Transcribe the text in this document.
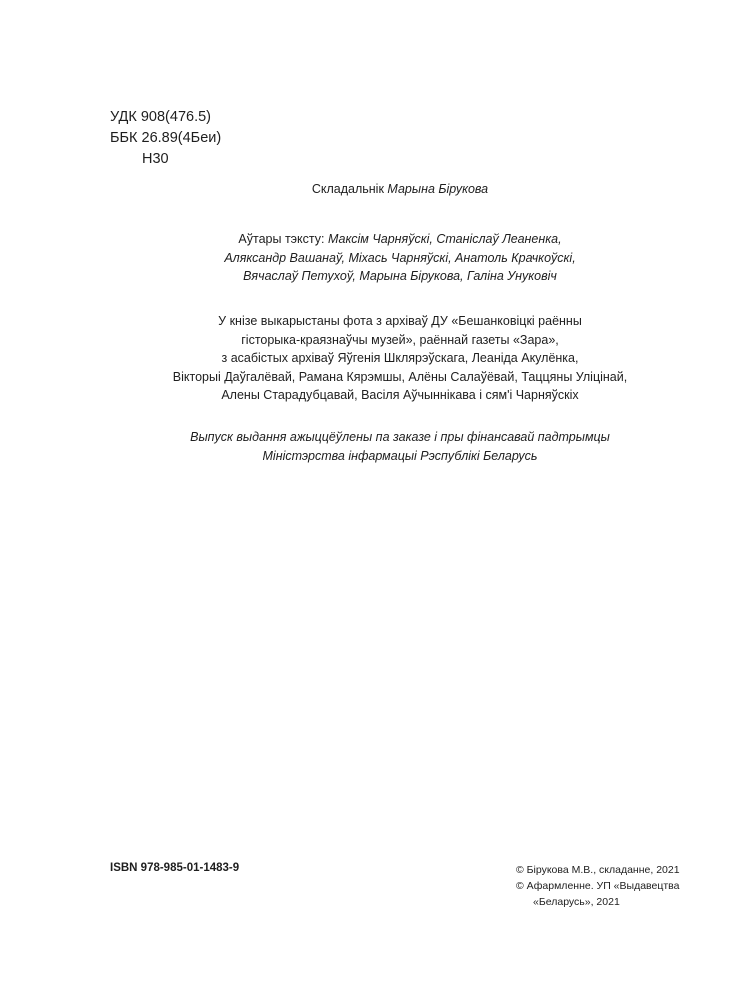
УДК 908(476.5)
ББК 26.89(4Беи)
Н30
Складальнік Марына Бірукова
Аўтары тэксту: Максім Чарняўскі, Станіслаў Леаненка,
Аляксандр Вашанаў, Міхась Чарняўскі, Анатоль Крачкоўскі,
Вячаслаў Петухоў, Марына Бірукова, Галіна Унуковіч
У кнізе выкарыстаны фота з архіваў ДУ «Бешанковіцкі раённы
гісторыка-краязнаўчы музей», раённай газеты «Зара»,
з асабістых архіваў Яўгенія Шклярэўскага, Леаніда Акулёнка,
Вікторыі Даўгалёвай, Рамана Кярэмшы, Алёны Салаўёвай, Таццяны Уліцінай,
Алены Старадубцавай, Васіля Аўчыннікава і сям'і Чарняўскіх
Выпуск выдання ажыццёўлены па заказе і пры фінансавай падтрымцы
Міністэрства інфармацыі Рэспублікі Беларусь
ISBN 978-985-01-1483-9	© Бірукова М.В., складанне, 2021
© Афармленне. УП «Выдавецтва
«Беларусь», 2021
